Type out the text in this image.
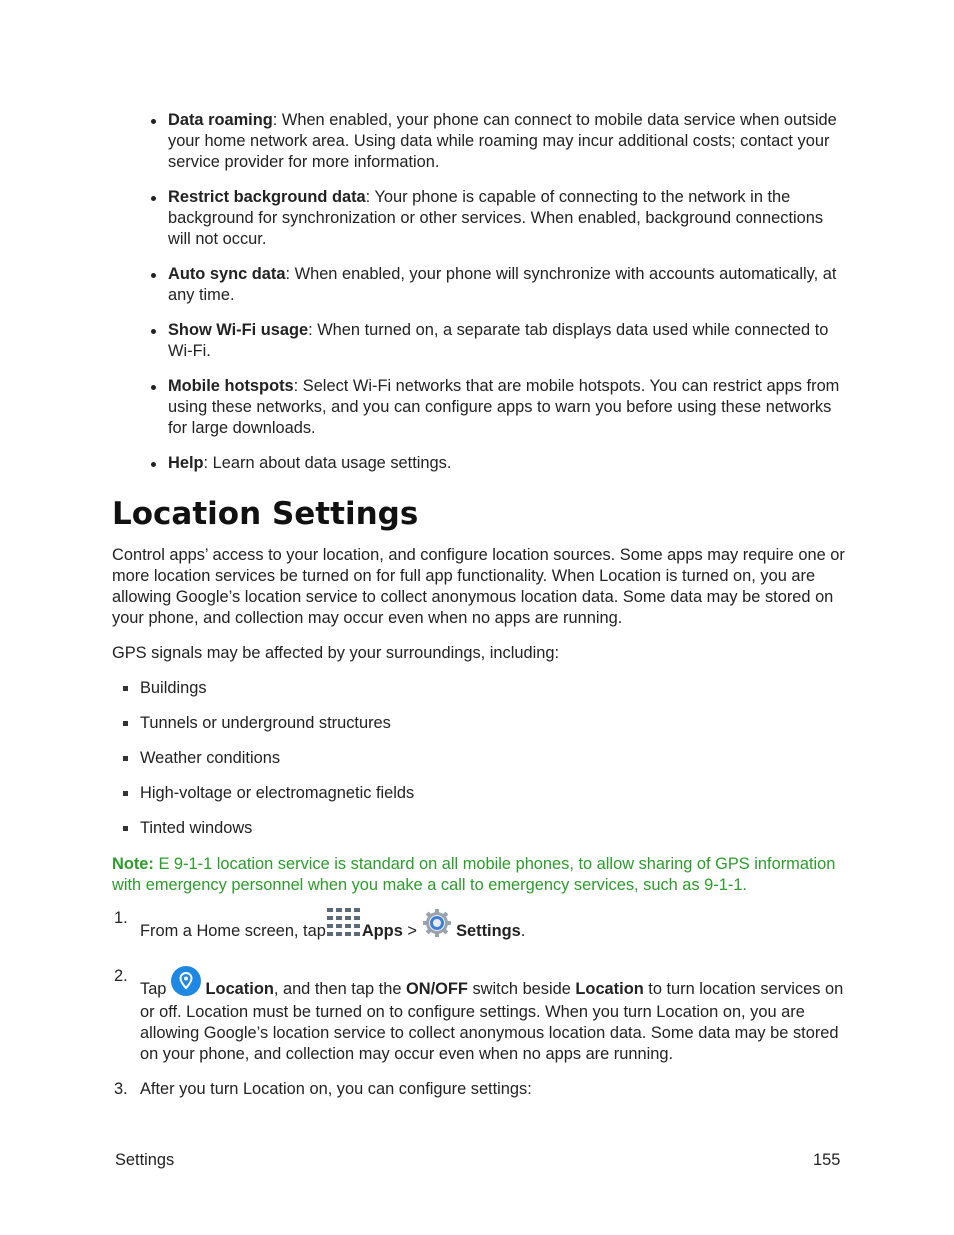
Data roaming: When enabled, your phone can connect to mobile data service when outside your home network area. Using data while roaming may incur additional costs; contact your service provider for more information.
Restrict background data: Your phone is capable of connecting to the network in the background for synchronization or other services. When enabled, background connections will not occur.
Auto sync data: When enabled, your phone will synchronize with accounts automatically, at any time.
Show Wi-Fi usage: When turned on, a separate tab displays data used while connected to Wi-Fi.
Mobile hotspots: Select Wi-Fi networks that are mobile hotspots. You can restrict apps from using these networks, and you can configure apps to warn you before using these networks for large downloads.
Help: Learn about data usage settings.
Location Settings

Control apps’ access to your location, and configure location sources. Some apps may require one or more location services be turned on for full app functionality. When Location is turned on, you are allowing Google’s location service to collect anonymous location data. Some data may be stored on your phone, and collection may occur even when no apps are running.

GPS signals may be affected by your surroundings, including:

Buildings
Tunnels or underground structures
Weather conditions
High-voltage or electromagnetic fields
Tinted windows

Note: E 9-1-1 location service is standard on all mobile phones, to allow sharing of GPS information with emergency personnel when you make a call to emergency services, such as 9-1-1.

1.
From a Home screen, tap Apps >  Settings.
2.
Tap  Location, and then tap the ON/OFF switch beside Location to turn location services on or off. Location must be turned on to configure settings. When you turn Location on, you are allowing Google’s location service to collect anonymous location data. Some data may be stored on your phone, and collection may occur even when no apps are running.
3. After you turn Location on, you can configure settings:
Settings	155
